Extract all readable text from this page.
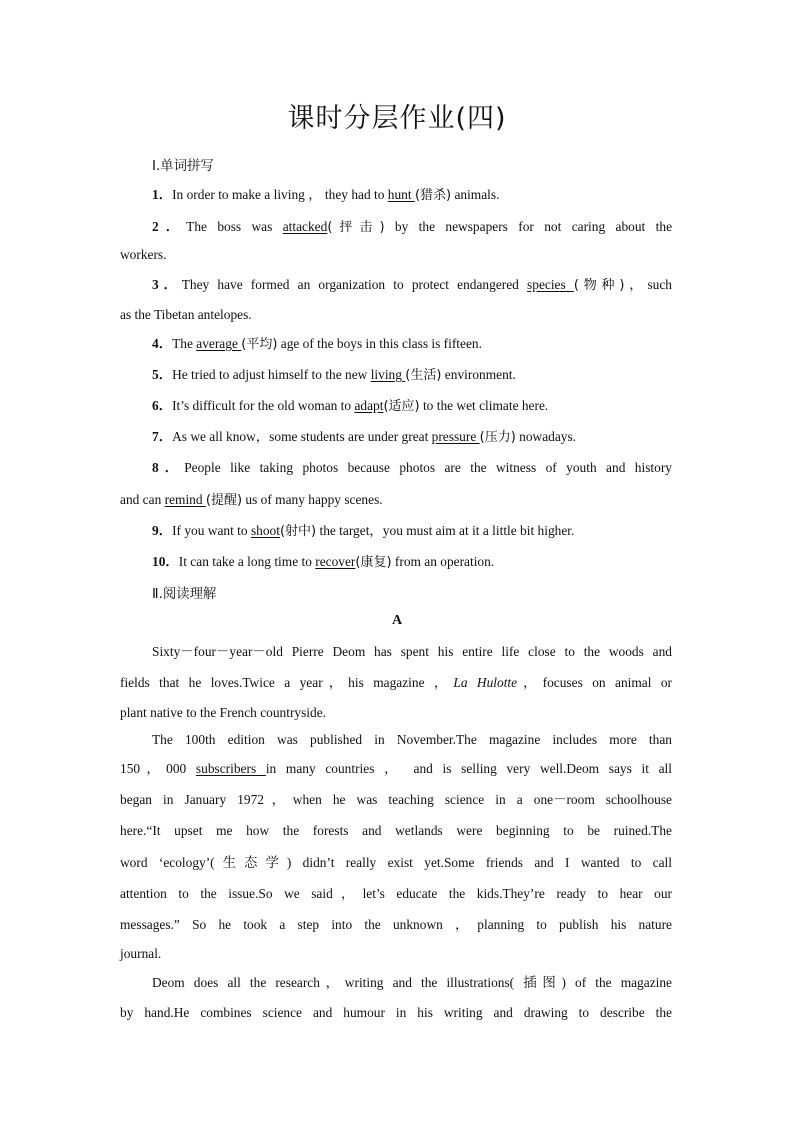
课时分层作业(四)
Ⅰ.单词拼写
1．In order to make a living ， they had to hunt (猎杀) animals.
2．The boss was attacked(抨击) by the newspapers for not caring about the
workers.
3．They have formed an organization to protect endangered species (物种)，such
as the Tibetan antelopes.
4．The average (平均) age of the boys in this class is fifteen.
5．He tried to adjust himself to the new living (生活) environment.
6．It’s difficult for the old woman to adapt(适应) to the wet climate here.
7．As we all know，some students are under great pressure (压力) nowadays.
8．People like taking photos because photos are the witness of youth and history
and can remind (提醒) us of many happy scenes.
9．If you want to shoot(射中) the target，you must aim at it a little bit higher.
10．It can take a long time to recover(康复) from an operation.
Ⅱ.阅读理解
A
Sixty－four－year－old Pierre Deom has spent his entire life close to the woods and
fields that he loves.Twice a year，his magazine ，La Hulotte，focuses on animal or
plant native to the French countryside.
The 100th edition was published in November.The magazine includes more than
150，000 subscribers in many countries ， and is selling very well.Deom says it all
began in January 1972，when he was teaching science in a one－room schoolhouse
here.“It upset me how the forests and wetlands were beginning to be ruined.The
word ‘ecology’(生态学) didn’t really exist yet.Some friends and I wanted to call
attention to the issue.So we said，let’s educate the kids.They’re ready to hear our
messages.” So he took a step into the unknown ，planning to publish his nature
journal.
Deom does all the research，writing and the illustrations( 插图) of the magazine
by hand.He combines science and humour in his writing and drawing to describe the
